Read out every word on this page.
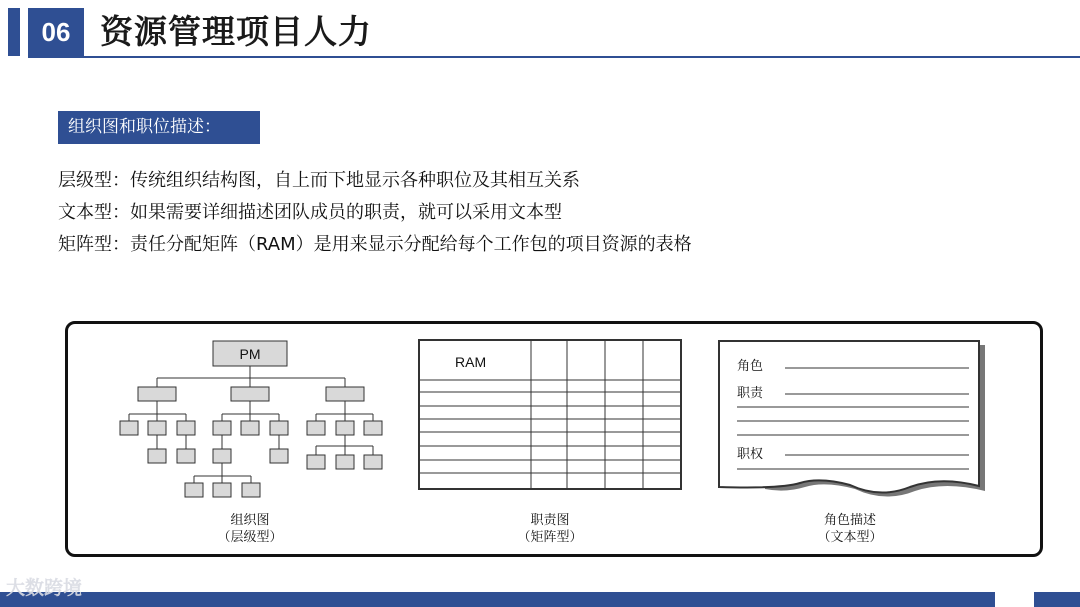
06 资源管理项目人力
组织图和职位描述：
层级型：传统组织结构图，自上而下地显示各种职位及其相互关系
文本型：如果需要详细描述团队成员的职责，就可以采用文本型
矩阵型：责任分配矩阵（RAM）是用来显示分配给每个工作包的项目资源的表格
PM	RAM	角色
职责
职权
组织图
（层级型）
职责图
（矩阵型）
角色描述
（文本型）
大数跨境
